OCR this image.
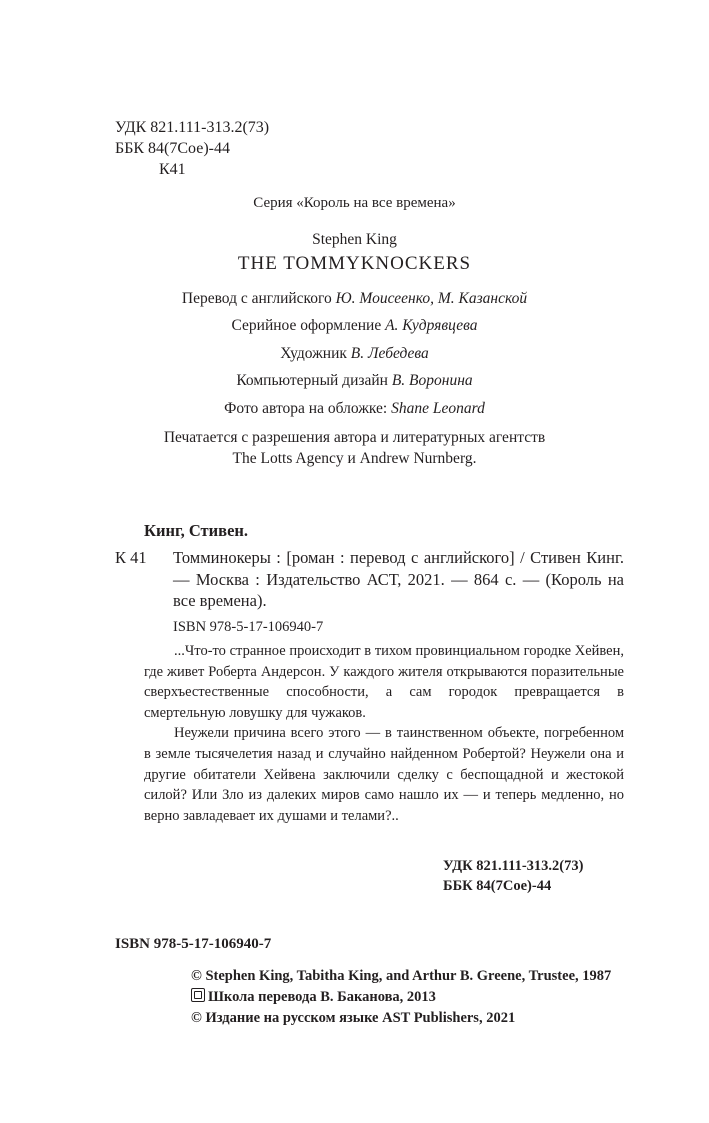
УДК 821.111-313.2(73)
ББК 84(7Сое)-44
К41
Серия «Король на все времена»
Stephen King
THE TOMMYKNOCKERS
Перевод с английского Ю. Моисеенко, М. Казанской
Серийное оформление А. Кудрявцева
Художник В. Лебедева
Компьютерный дизайн В. Воронина
Фото автора на обложке: Shane Leonard
Печатается с разрешения автора и литературных агентств
The Lotts Agency и Andrew Nurnberg.
Кинг, Стивен.
К 41 Томминокеры : [роман : перевод с английского] / Стивен Кинг. — Москва : Издательство АСТ, 2021. — 864 с. — (Король на все времена).
ISBN 978-5-17-106940-7

...Что-то странное происходит в тихом провинциальном городке Хейвен, где живет Роберта Андерсон. У каждого жителя открываются поразительные сверхъестественные способности, а сам городок превращается в смертельную ловушку для чужаков.

Неужели причина всего этого — в таинственном объекте, погребенном в земле тысячелетия назад и случайно найденном Робертой? Неужели она и другие обитатели Хейвена заключили сделку с беспощадной и жестокой силой? Или Зло из далеких миров само нашло их — и теперь медленно, но верно завладевает их душами и телами?..

УДК 821.111-313.2(73)
ББК 84(7Сое)-44
ISBN 978-5-17-106940-7
© Stephen King, Tabitha King, and Arthur B. Greene, Trustee, 1987
Школа перевода В. Баканова, 2013
© Издание на русском языке AST Publishers, 2021
